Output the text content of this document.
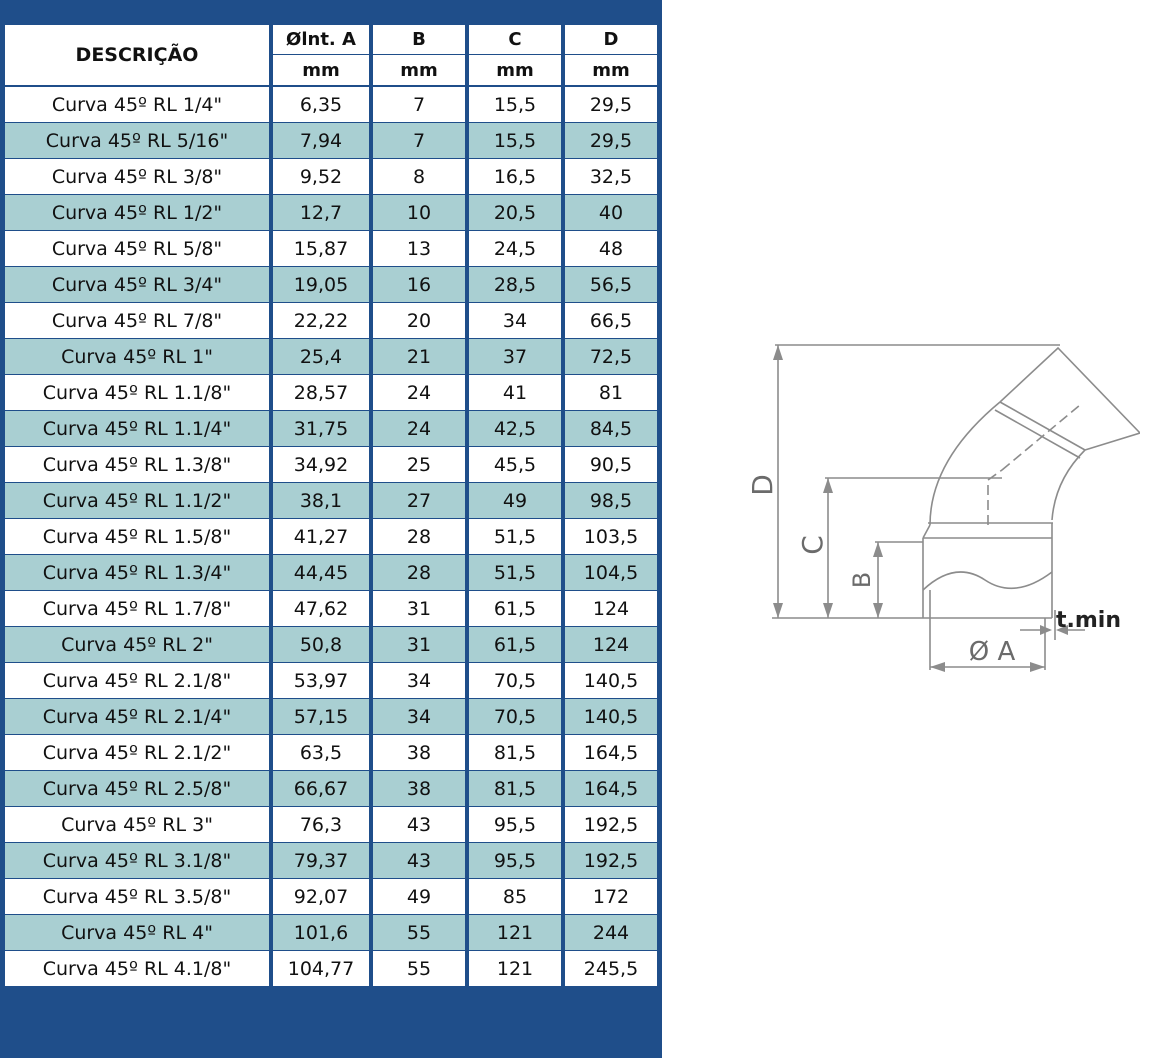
DESCRIÇÃO	Ølnt. A	B	C	D
	mm	mm	mm	mm
Curva 45º RL 1/4"	6,35	7	15,5	29,5
Curva 45º RL 5/16"	7,94	7	15,5	29,5
Curva 45º RL 3/8"	9,52	8	16,5	32,5
Curva 45º RL 1/2"	12,7	10	20,5	40
Curva 45º RL 5/8"	15,87	13	24,5	48
Curva 45º RL 3/4"	19,05	16	28,5	56,5
Curva 45º RL 7/8"	22,22	20	34	66,5
Curva 45º RL 1"	25,4	21	37	72,5
Curva 45º RL 1.1/8"	28,57	24	41	81
Curva 45º RL 1.1/4"	31,75	24	42,5	84,5
Curva 45º RL 1.3/8"	34,92	25	45,5	90,5
Curva 45º RL 1.1/2"	38,1	27	49	98,5
Curva 45º RL 1.5/8"	41,27	28	51,5	103,5
Curva 45º RL 1.3/4"	44,45	28	51,5	104,5
Curva 45º RL 1.7/8"	47,62	31	61,5	124
Curva 45º RL 2"	50,8	31	61,5	124
Curva 45º RL 2.1/8"	53,97	34	70,5	140,5
Curva 45º RL 2.1/4"	57,15	34	70,5	140,5
Curva 45º RL 2.1/2"	63,5	38	81,5	164,5
Curva 45º RL 2.5/8"	66,67	38	81,5	164,5
Curva 45º RL 3"	76,3	43	95,5	192,5
Curva 45º RL 3.1/8"	79,37	43	95,5	192,5
Curva 45º RL 3.5/8"	92,07	49	85	172
Curva 45º RL 4"	101,6	55	121	244
Curva 45º RL 4.1/8"	104,77	55	121	245,5
D
C
B
Ø A
t.min
